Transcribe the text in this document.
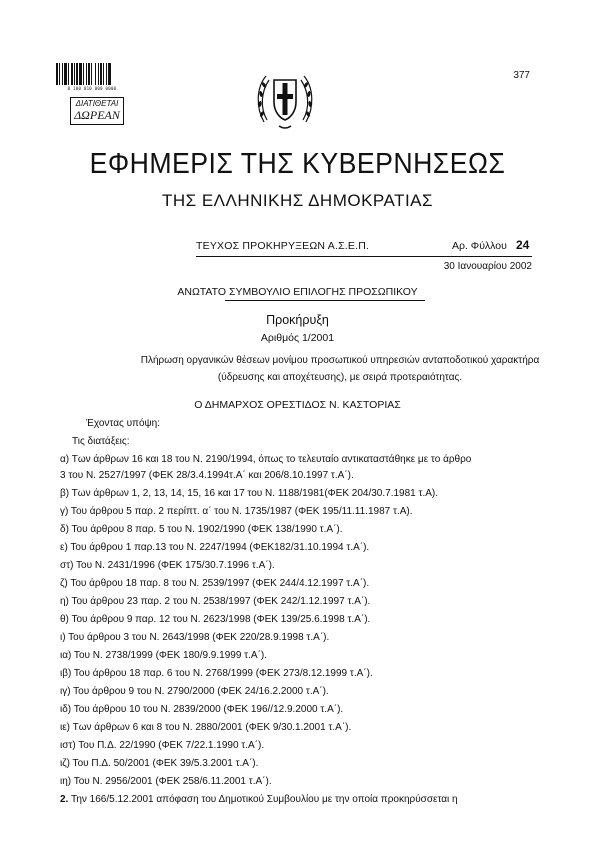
0 100 010 000 0000
ΔΙΑΤΙΘΕΤΑΙ
ΔΩΡΕΑΝ
377
ΕΦΗΜΕΡΙΣ ΤΗΣ ΚΥΒΕΡΝΗΣΕΩΣ
ΤΗΣ ΕΛΛΗΝΙΚΗΣ ΔΗΜΟΚΡΑΤΙΑΣ
ΤΕΥΧΟΣ ΠΡΟΚΗΡΥΞΕΩΝ Α.Σ.Ε.Π.	Αρ. Φύλλου 24
30 Ιανουαρίου 2002
ΑΝΩΤΑΤΟ ΣΥΜΒΟΥΛΙΟ ΕΠΙΛΟΓΗΣ ΠΡΟΣΩΠΙΚΟΥ
Προκήρυξη
Αριθμός 1/2001
Πλήρωση οργανικών θέσεων μονίμου προσωπικού υπηρεσιών ανταποδοτικού χαρακτήρα
(ύδρευσης και αποχέτευσης), με σειρά προτεραιότητας.
Ο ΔΗΜΑΡΧΟΣ ΟΡΕΣΤΙΔΟΣ Ν. ΚΑΣΤΟΡΙΑΣ
Έχοντας υπόψη:
Τις διατάξεις:
α) Των άρθρων 16 και 18 του Ν. 2190/1994, όπως το τελευταίο αντικαταστάθηκε με το άρθρο
3 του Ν. 2527/1997 (ΦΕΚ 28/3.4.1994τ.Α΄ και 206/8.10.1997 τ.Α΄).
β) Των άρθρων 1, 2, 13, 14, 15, 16 και 17 του Ν. 1188/1981(ΦΕΚ 204/30.7.1981 τ.Α).
γ) Του άρθρου 5 παρ. 2 περίπτ. α΄ του Ν. 1735/1987 (ΦΕΚ 195/11.11.1987 τ.Α).
δ) Του άρθρου 8 παρ. 5 του Ν. 1902/1990 (ΦΕΚ 138/1990 τ.Α΄).
ε) Του άρθρου 1 παρ.13 του Ν. 2247/1994 (ΦΕΚ182/31.10.1994 τ.Α΄).
στ) Του Ν. 2431/1996 (ΦΕΚ 175/30.7.1996 τ.Α΄).
ζ) Του άρθρου 18 παρ. 8 του Ν. 2539/1997 (ΦΕΚ 244/4.12.1997 τ.Α΄).
η) Του άρθρου 23 παρ. 2 του Ν. 2538/1997 (ΦΕΚ 242/1.12.1997 τ.Α΄).
θ) Του άρθρου 9 παρ. 12 του Ν. 2623/1998 (ΦΕΚ 139/25.6.1998 τ.Α΄).
ι) Του άρθρου 3 του Ν. 2643/1998 (ΦΕΚ 220/28.9.1998 τ.Α΄).
ια) Του Ν. 2738/1999 (ΦΕΚ 180/9.9.1999 τ.Α΄).
ιβ) Του άρθρου 18 παρ. 6 του Ν. 2768/1999 (ΦΕΚ 273/8.12.1999 τ.Α΄).
ιγ) Του άρθρου 9 του Ν. 2790/2000 (ΦΕΚ 24/16.2.2000 τ.Α΄).
ιδ) Του άρθρου 10 του Ν. 2839/2000 (ΦΕΚ 196//12.9.2000 τ.Α΄).
ιε) Των άρθρων 6 και 8 του Ν. 2880/2001 (ΦΕΚ 9/30.1.2001 τ.Α΄).
ιστ) Του Π.Δ. 22/1990 (ΦΕΚ 7/22.1.1990 τ.Α΄).
ιζ) Του Π.Δ. 50/2001 (ΦΕΚ 39/5.3.2001 τ.Α΄).
ιη) Του Ν. 2956/2001 (ΦΕΚ 258/6.11.2001 τ.Α΄).
2. Την 166/5.12.2001 απόφαση του Δημοτικού Συμβουλίου με την οποία προκηρύσσεται η
